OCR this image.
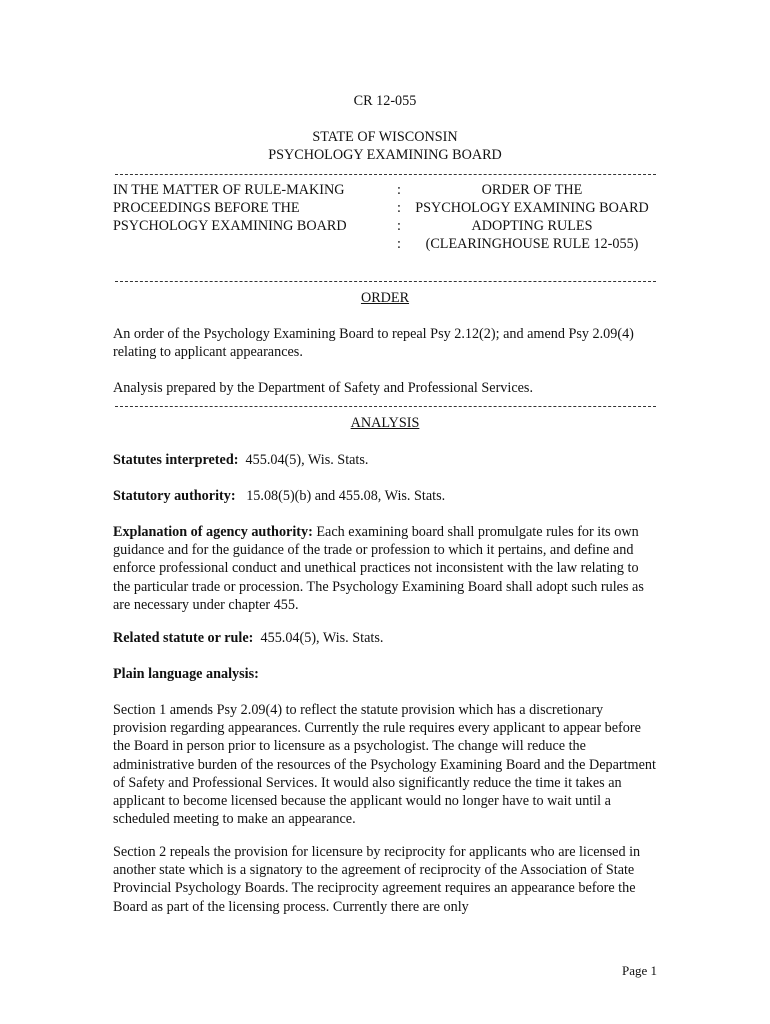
CR 12-055
STATE OF WISCONSIN
PSYCHOLOGY EXAMINING BOARD
IN THE MATTER OF RULE-MAKING
PROCEEDINGS BEFORE THE
PSYCHOLOGY EXAMINING BOARD
:
:
:
:
ORDER OF THE
PSYCHOLOGY EXAMINING BOARD
ADOPTING RULES
(CLEARINGHOUSE RULE 12-055)
ORDER
An order of the Psychology Examining Board to repeal Psy 2.12(2); and amend Psy 2.09(4) relating to applicant appearances.
Analysis prepared by the Department of Safety and Professional Services.
ANALYSIS
Statutes interpreted: 455.04(5), Wis. Stats.
Statutory authority: 15.08(5)(b) and 455.08, Wis. Stats.
Explanation of agency authority: Each examining board shall promulgate rules for its own guidance and for the guidance of the trade or profession to which it pertains, and define and enforce professional conduct and unethical practices not inconsistent with the law relating to the particular trade or procession. The Psychology Examining Board shall adopt such rules as are necessary under chapter 455.
Related statute or rule: 455.04(5), Wis. Stats.
Plain language analysis:
Section 1 amends Psy 2.09(4) to reflect the statute provision which has a discretionary provision regarding appearances. Currently the rule requires every applicant to appear before the Board in person prior to licensure as a psychologist. The change will reduce the administrative burden of the resources of the Psychology Examining Board and the Department of Safety and Professional Services. It would also significantly reduce the time it takes an applicant to become licensed because the applicant would no longer have to wait until a scheduled meeting to make an appearance.
Section 2 repeals the provision for licensure by reciprocity for applicants who are licensed in another state which is a signatory to the agreement of reciprocity of the Association of State Provincial Psychology Boards. The reciprocity agreement requires an appearance before the Board as part of the licensing process. Currently there are only
Page 1
